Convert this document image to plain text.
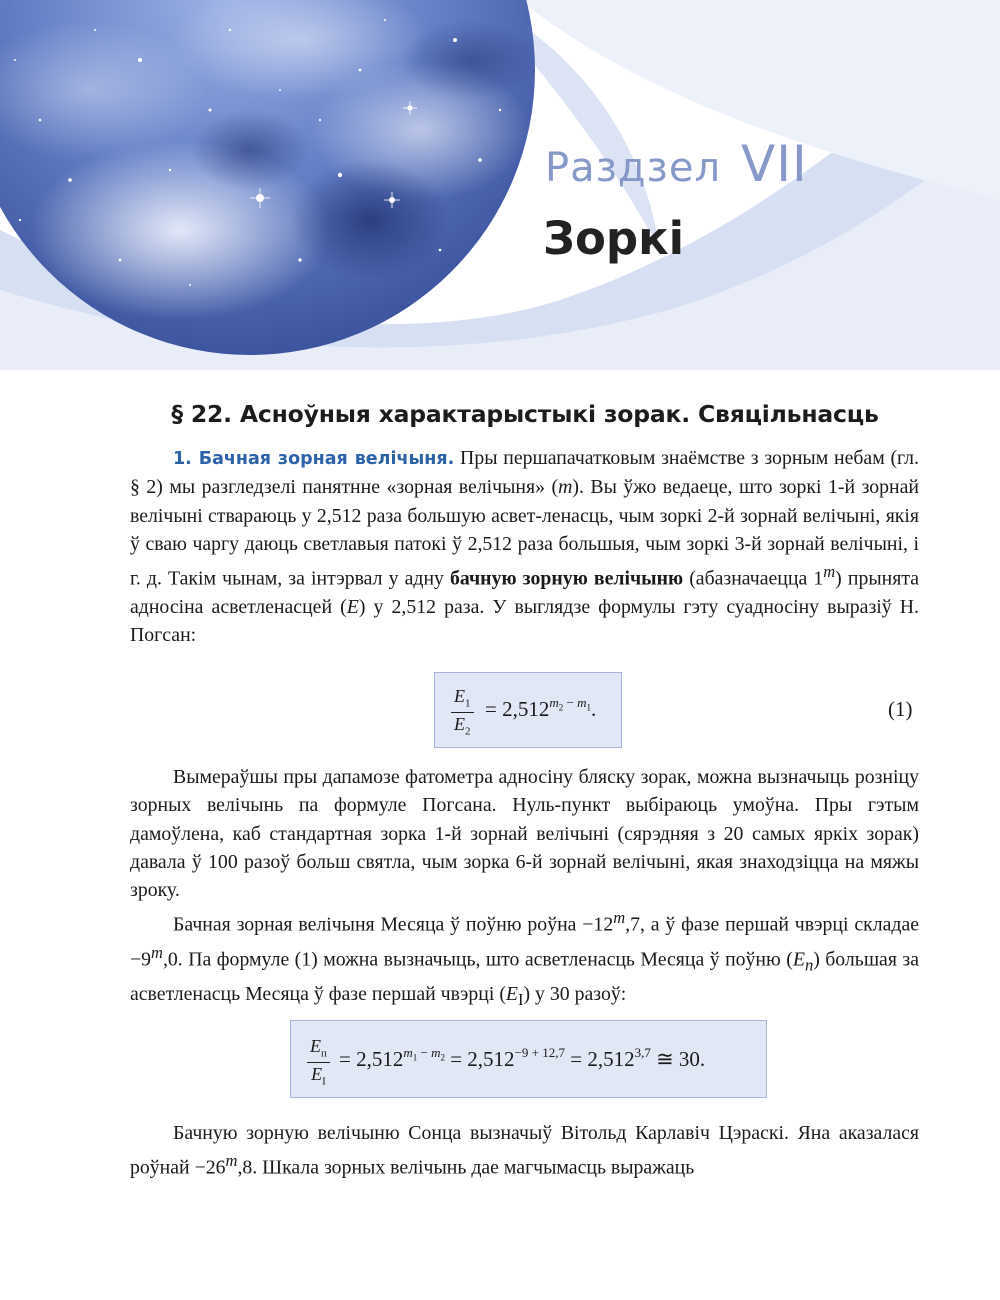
Раздзел VII
Зоркі
§ 22. Асноўныя характарыстыкі зорак. Свяцільнасць

1. Бачная зорная велічыня. Пры першапачатковым знаёмстве з зорным небам (гл. § 2) мы разгледзелі панятнне «зорная велічыня» (m). Вы ўжо ведаеце, што зоркі 1-й зорнай велічыні ствараюць у 2,512 раза большую асвет-ленасць, чым зоркі 2-й зорнай велічыні, якія ў сваю чаргу даюць светлавыя патокі ў 2,512 раза большыя, чым зоркі 3-й зорнай велічыні, і г. д. Такім чынам, за інтэрвал у адну бачную зорную велічыню (абазначаецца 1$^m$) прынята адносіна асветленасцей (E) у 2,512 раза. У выглядзе формулы гэту суадносіну выразіў Н. Погсан:

$\frac{E_1}{E_2} = 2,512^{m_2 - m_1}$.	(1)

Вымераўшы пры дапамозе фатометра адносіну бляску зорак, можна вызначыць розніцу зорных велічынь па формуле Погсана. Нуль-пункт выбіраюць умоўна. Пры гэтым дамоўлена, каб стандартная зорка 1-й зорнай велічыні (сярэдняя з 20 самых яркіх зорак) давала ў 100 разоў больш святла, чым зорка 6-й зорнай велічыні, якая знаходзіцца на мяжы зроку.

Бачная зорная велічыня Месяца ў поўню роўна $-12^m,7$, а ў фазе першай чвэрці складае $-9^m,0$. Па формуле (1) можна вызначыць, што асветленасць Месяца ў поўню $(E_п)$ большая за асветленасць Месяца ў фазе першай чвэрці $(E_I)$ у 30 разоў:

$E_п$
$E_I$
= $2,512^{m_1 - m_2} = 2,512^{-9 + 12,7} = 2,512^{3,7}$ ≅ 30.

Бачную зорную велічыню Сонца вызначыў Вітольд Карлавіч Цэраскі. Яна аказалася роўнай $-26^m,8$. Шкала зорных велічынь дае магчымасць выражаць
